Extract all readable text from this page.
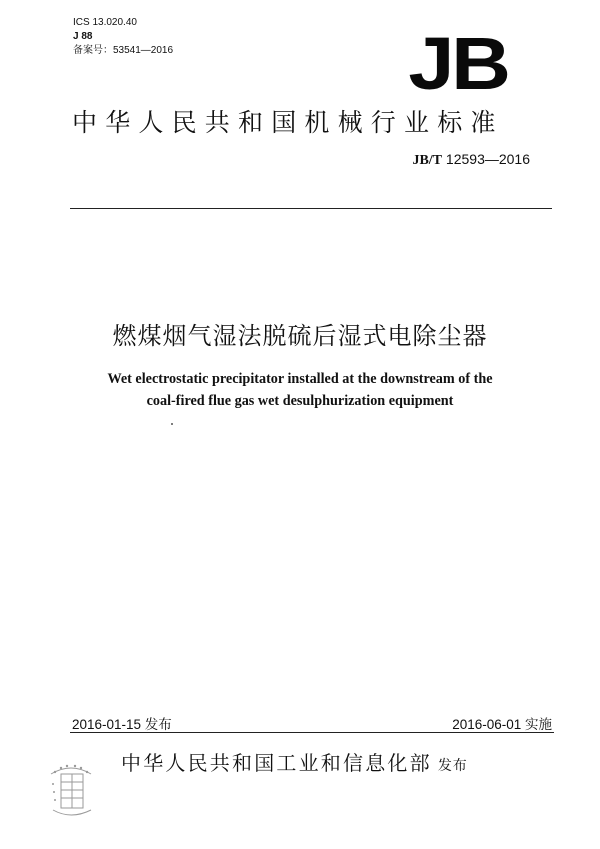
ICS 13.020.40
J 88
备案号：53541—2016	JB
中华人民共和国机械行业标准
JB/T 12593—2016
燃煤烟气湿法脱硫后湿式电除尘器
Wet electrostatic precipitator installed at the downstream of the
coal-fired flue gas wet desulphurization equipment
2016-01-15 发布	2016-06-01 实施
中华人民共和国工业和信息化部 发布
